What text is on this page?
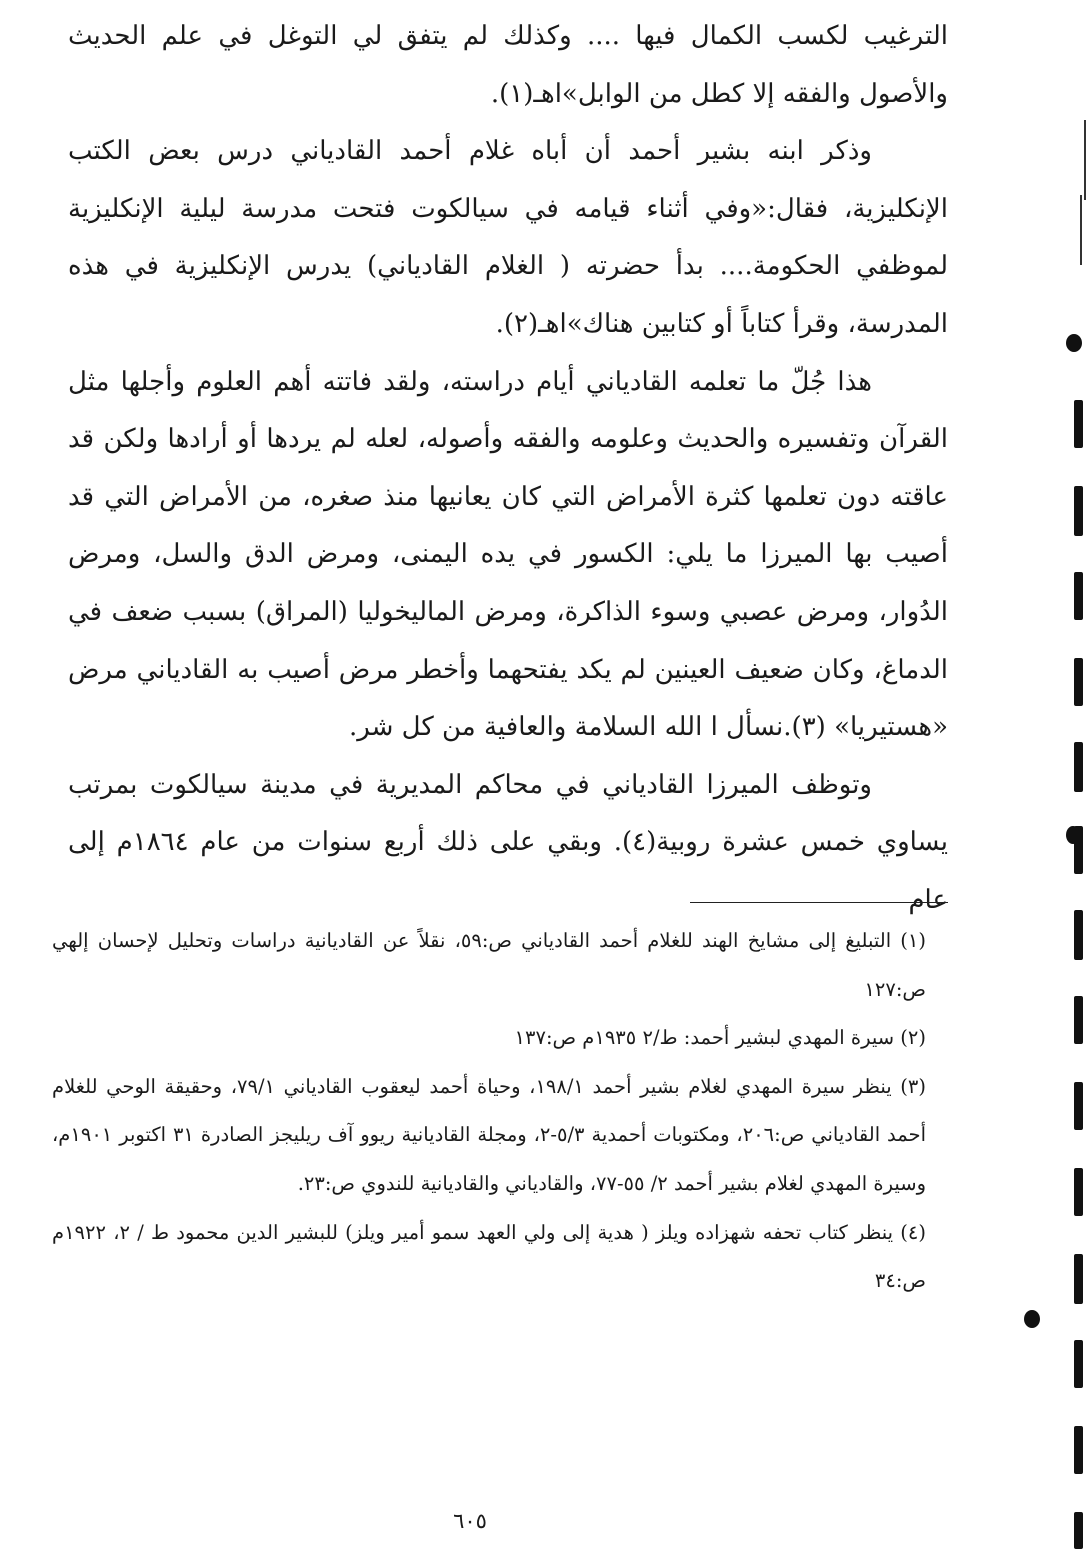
الترغيب لكسب الكمال فيها .... وكذلك لم يتفق لي التوغل في علم الحديث والأصول والفقه إلا كطل من الوابل»اهـ(١).

وذكر ابنه بشير أحمد أن أباه غلام أحمد القادياني درس بعض الكتب الإنكليزية، فقال:«وفي أثناء قيامه في سيالكوت فتحت مدرسة ليلية الإنكليزية لموظفي الحكومة.... بدأ حضرته ( الغلام القادياني) يدرس الإنكليزية في هذه المدرسة، وقرأ كتاباً أو كتابين هناك»اهـ(٢).

هذا جُلّ ما تعلمه القادياني أيام دراسته، ولقد فاتته أهم العلوم وأجلها مثل القرآن وتفسيره والحديث وعلومه والفقه وأصوله، لعله لم يردها أو أرادها ولكن قد عاقته دون تعلمها كثرة الأمراض التي كان يعانيها منذ صغره، من الأمراض التي قد أصيب بها الميرزا ما يلي: الكسور في يده اليمنى، ومرض الدق والسل، ومرض الدُوار، ومرض عصبي وسوء الذاكرة، ومرض الماليخوليا (المراق) بسبب ضعف في الدماغ، وكان ضعيف العينين لم يكد يفتحهما وأخطر مرض أصيب به القادياني مرض «هستيريا» (٣).نسأل ا الله السلامة والعافية من كل شر.

وتوظف الميرزا القادياني في محاكم المديرية في مدينة سيالكوت بمرتب يساوي خمس عشرة روبية(٤). وبقي على ذلك أربع سنوات من عام ١٨٦٤م إلى عام

(١) التبليغ إلى مشايخ الهند للغلام أحمد القادياني ص:٥٩، نقلاً عن القاديانية دراسات وتحليل لإحسان إلهي ص:١٢٧

(٢) سيرة المهدي لبشير أحمد: ط/٢ ١٩٣٥م ص:١٣٧

(٣) ينظر سيرة المهدي لغلام بشير أحمد ١٩٨/١، وحياة أحمد ليعقوب القادياني ٧٩/١، وحقيقة الوحي للغلام أحمد القادياني ص:٢٠٦، ومكتوبات أحمدية ٥/٣-٢، ومجلة القاديانية ريوو آف ريليجز الصادرة ٣١ اكتوبر ١٩٠١م، وسيرة المهدي لغلام بشير أحمد ٢/ ٥٥-٧٧، والقادياني والقاديانية للندوي ص:٢٣.

(٤) ينظر كتاب تحفه شهزاده ويلز ( هدية إلى ولي العهد سمو أمير ويلز) للبشير الدين محمود ط / ٢، ١٩٢٢م ص:٣٤

٦٠٥
